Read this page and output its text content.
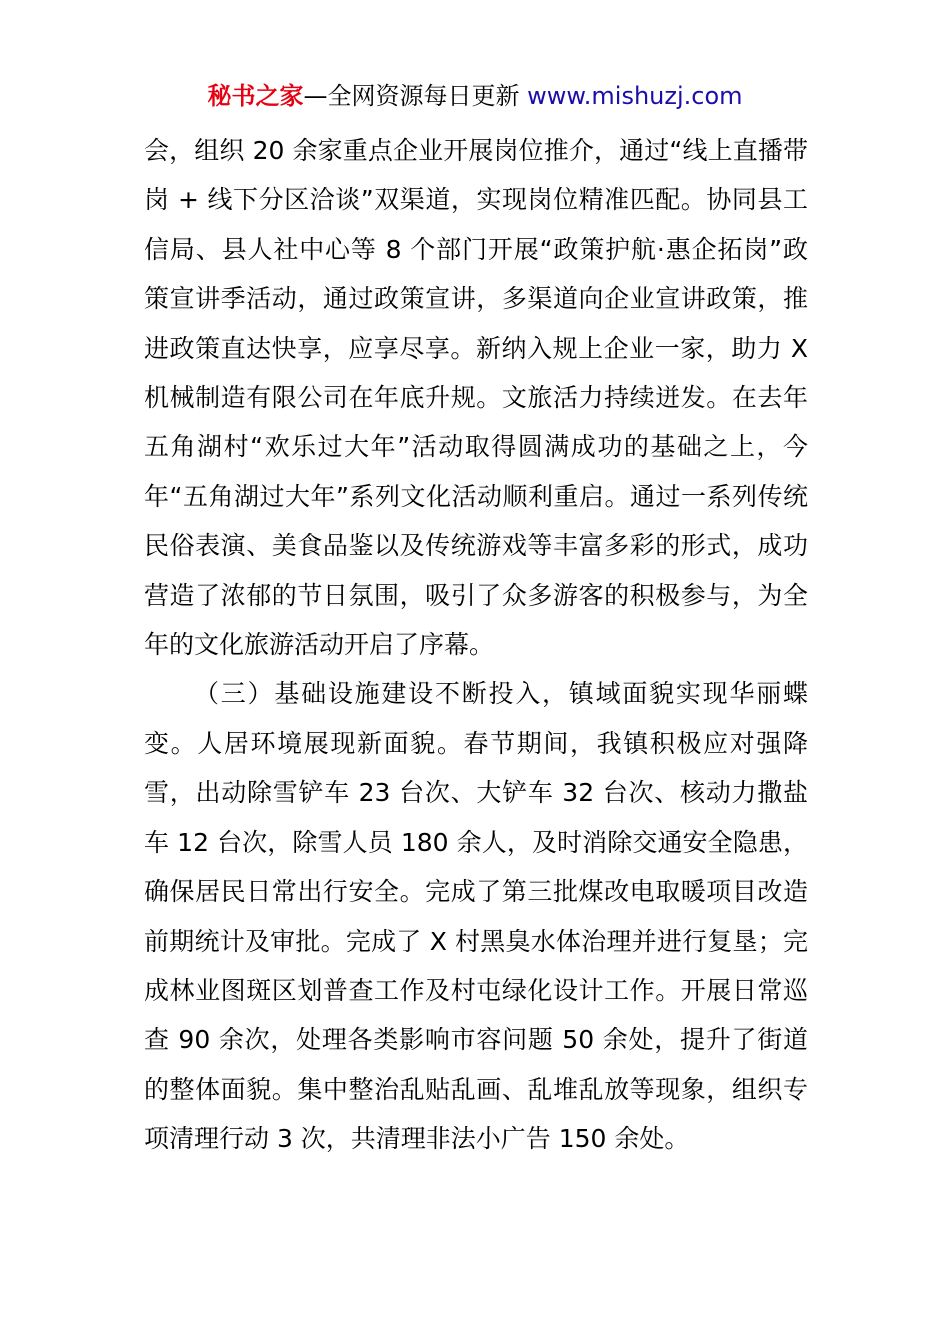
秘书之家—全网资源每日更新 www.mishuzj.com

会，组织 20 余家重点企业开展岗位推介，通过“线上直播带岗 + 线下分区洽谈”双渠道，实现岗位精准匹配。协同县工信局、县人社中心等 8 个部门开展“政策护航·惠企拓岗”政策宣讲季活动，通过政策宣讲，多渠道向企业宣讲政策，推进政策直达快享，应享尽享。新纳入规上企业一家，助力 X 机械制造有限公司在年底升规。文旅活力持续迸发。在去年五角湖村“欢乐过大年”活动取得圆满成功的基础之上，今年“五角湖过大年”系列文化活动顺利重启。通过一系列传统民俗表演、美食品鉴以及传统游戏等丰富多彩的形式，成功营造了浓郁的节日氛围，吸引了众多游客的积极参与，为全年的文化旅游活动开启了序幕。

（三）基础设施建设不断投入，镇域面貌实现华丽蝶变。人居环境展现新面貌。春节期间，我镇积极应对强降雪，出动除雪铲车 23 台次、大铲车 32 台次、核动力撒盐车 12 台次，除雪人员 180 余人，及时消除交通安全隐患，确保居民日常出行安全。完成了第三批煤改电取暖项目改造前期统计及审批。完成了 X 村黑臭水体治理并进行复垦；完成林业图斑区划普查工作及村屯绿化设计工作。开展日常巡查 90 余次，处理各类影响市容问题 50 余处，提升了街道的整体面貌。集中整治乱贴乱画、乱堆乱放等现象，组织专项清理行动 3 次，共清理非法小广告 150 余处。
